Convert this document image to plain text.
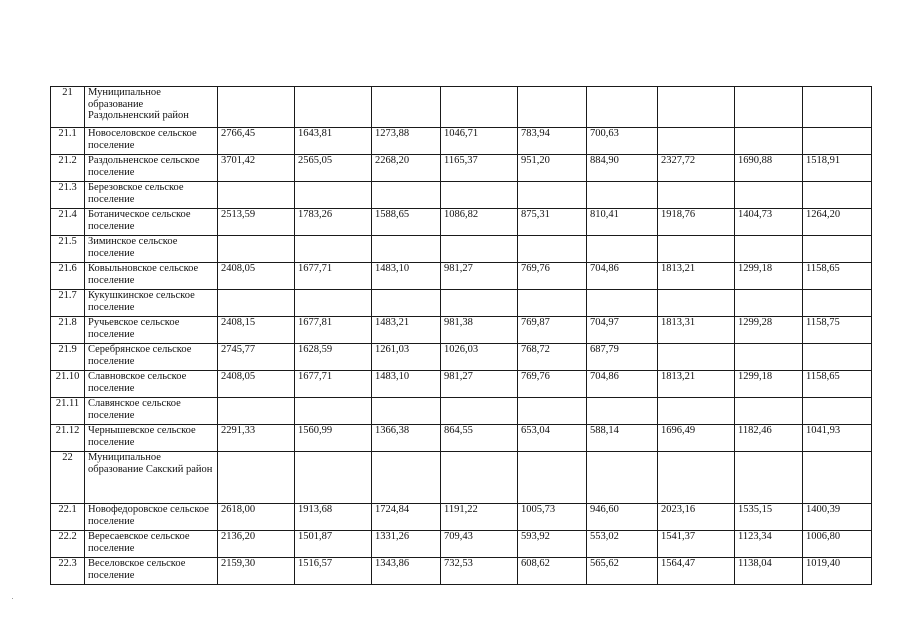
21	Муниципальное образование Раздольненский район									
21.1	Новоселовское сельское поселение	2766,45	1643,81	1273,88	1046,71	783,94	700,63			
21.2	Раздольненское сельское поселение	3701,42	2565,05	2268,20	1165,37	951,20	884,90	2327,72	1690,88	1518,91
21.3	Березовское сельское поселение									
21.4	Ботаническое сельское поселение	2513,59	1783,26	1588,65	1086,82	875,31	810,41	1918,76	1404,73	1264,20
21.5	Зиминское сельское поселение									
21.6	Ковыльновское сельское поселение	2408,05	1677,71	1483,10	981,27	769,76	704,86	1813,21	1299,18	1158,65
21.7	Кукушкинское сельское поселение									
21.8	Ручьевское сельское поселение	2408,15	1677,81	1483,21	981,38	769,87	704,97	1813,31	1299,28	1158,75
21.9	Серебрянское сельское поселение	2745,77	1628,59	1261,03	1026,03	768,72	687,79			
21.10	Славновское сельское поселение	2408,05	1677,71	1483,10	981,27	769,76	704,86	1813,21	1299,18	1158,65
21.11	Славянское сельское поселение									
21.12	Чернышевское сельское поселение	2291,33	1560,99	1366,38	864,55	653,04	588,14	1696,49	1182,46	1041,93
22	Муниципальное образование Сакский район									
22.1	Новофедоровское сельское поселение	2618,00	1913,68	1724,84	1191,22	1005,73	946,60	2023,16	1535,15	1400,39
22.2	Вересаевское сельское поселение	2136,20	1501,87	1331,26	709,43	593,92	553,02	1541,37	1123,34	1006,80
22.3	Веселовское сельское поселение	2159,30	1516,57	1343,86	732,53	608,62	565,62	1564,47	1138,04	1019,40
